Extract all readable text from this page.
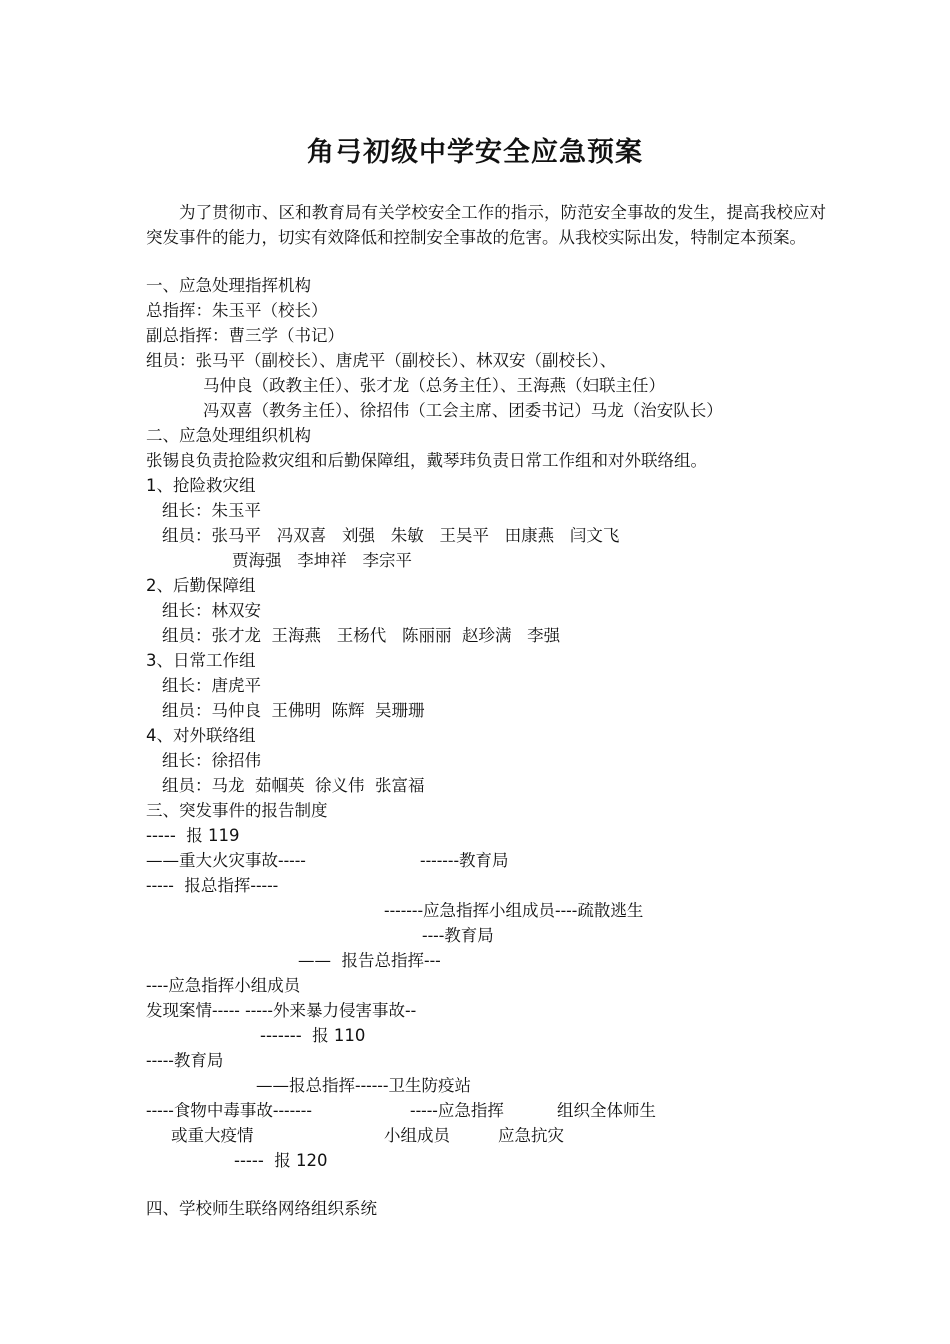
角弓初级中学安全应急预案
为了贯彻市、区和教育局有关学校安全工作的指示，防范安全事故的发生，提高我校应对突发事件的能力，切实有效降低和控制安全事故的危害。从我校实际出发，特制定本预案。
一、应急处理指挥机构
总指挥：朱玉平（校长）
副总指挥：曹三学（书记）
组员：张马平（副校长）、唐虎平（副校长）、林双安（副校长）、
马仲良（政教主任）、张才龙（总务主任）、王海燕（妇联主任）
冯双喜（教务主任）、徐招伟（工会主席、团委书记）马龙（治安队长）
二、应急处理组织机构
张锡良负责抢险救灾组和后勤保障组，戴琴玮负责日常工作组和对外联络组。
1、抢险救灾组
组长：朱玉平
组员：张马平   冯双喜   刘强   朱敏   王吴平   田康燕   闫文飞
贾海强   李坤祥   李宗平
2、后勤保障组
组长：林双安
组员：张才龙  王海燕   王杨代   陈丽丽  赵珍满   李强
3、日常工作组
组长：唐虎平
组员：马仲良  王佛明  陈辉  吴珊珊
4、对外联络组
组长：徐招伟
组员：马龙  茹帼英  徐义伟  张富福
三、突发事件的报告制度
-----  报 119
——重大火灾事故-----	-------教育局
-----  报总指挥-----
-------应急指挥小组成员----疏散逃生
----教育局
——  报告总指挥---
----应急指挥小组成员
发现案情----- -----外来暴力侵害事故--
-------  报 110
-----教育局
——报总指挥------卫生防疫站
-----食物中毒事故-------	-----应急指挥	组织全体师生
或重大疫情	小组成员	应急抗灾
-----  报 120
四、学校师生联络网络组织系统
